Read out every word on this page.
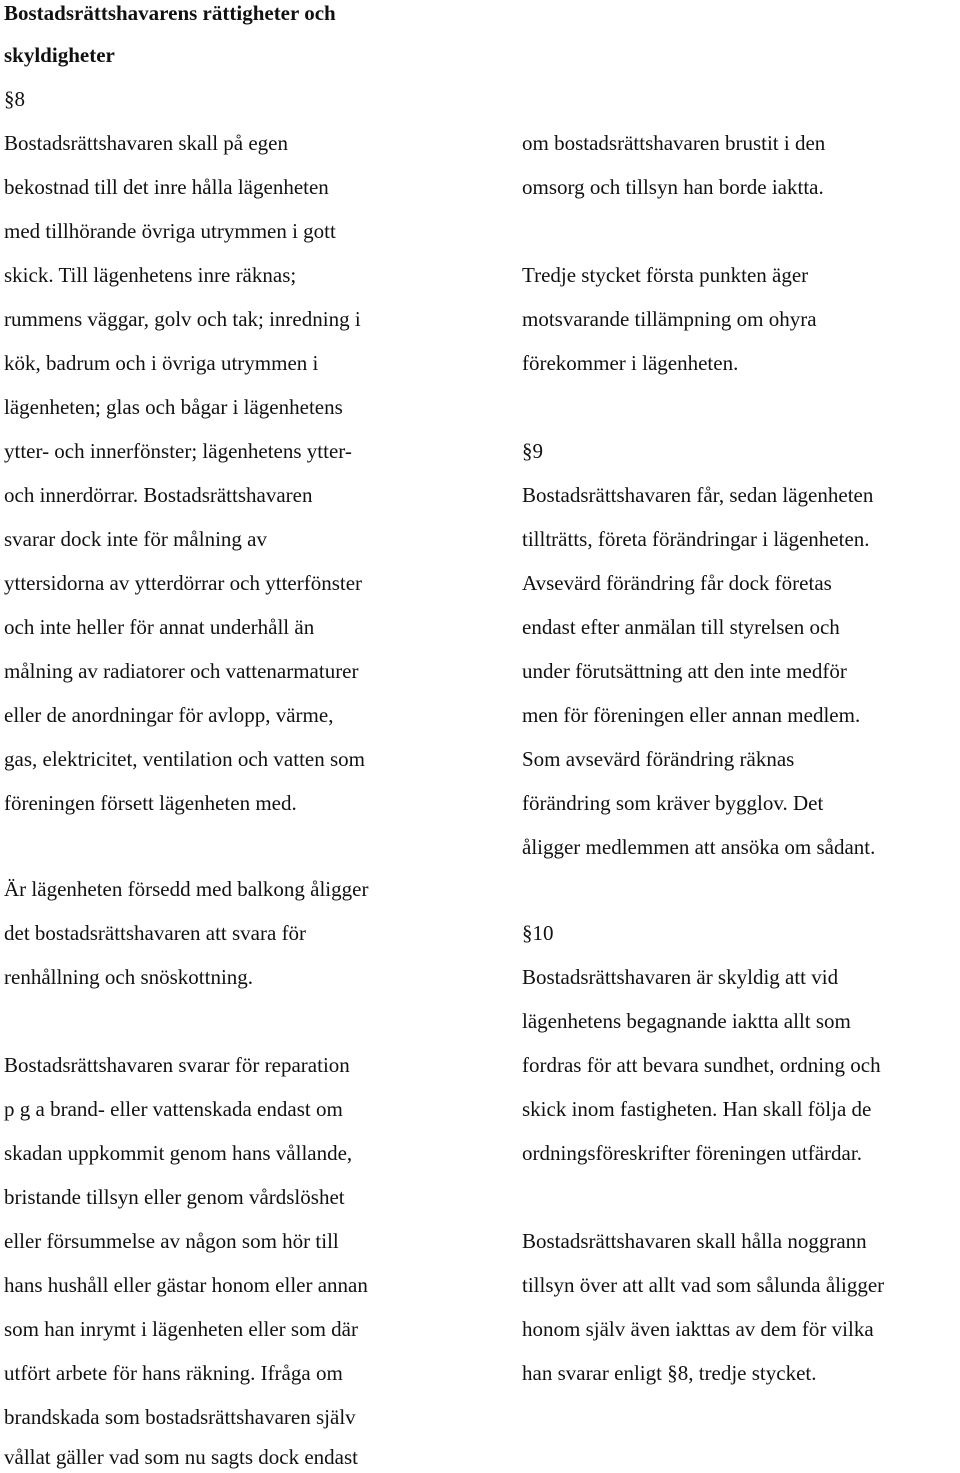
Bostadsrättshavarens rättigheter och
skyldigheter
§8
Bostadsrättshavaren skall på egen
bekostnad till det inre hålla lägenheten
med tillhörande övriga utrymmen i gott
skick. Till lägenhetens inre räknas;
rummens väggar, golv och tak; inredning i
kök, badrum och i övriga utrymmen i
lägenheten; glas och bågar i lägenhetens
ytter- och innerfönster; lägenhetens ytter-
och innerdörrar. Bostadsrättshavaren
svarar dock inte för målning av
yttersidorna av ytterdörrar och ytterfönster
och inte heller för annat underhåll än
målning av radiatorer och vattenarmaturer
eller de anordningar för avlopp, värme,
gas, elektricitet, ventilation och vatten som
föreningen försett lägenheten med.
Är lägenheten försedd med balkong åligger
det bostadsrättshavaren att svara för
renhållning och snöskottning.
Bostadsrättshavaren svarar för reparation
p g a brand- eller vattenskada endast om
skadan uppkommit genom hans vållande,
bristande tillsyn eller genom vårdslöshet
eller försummelse av någon som hör till
hans hushåll eller gästar honom eller annan
som han inrymt i lägenheten eller som där
utfört arbete för hans räkning. Ifråga om
brandskada som bostadsrättshavaren själv
vållat gäller vad som nu sagts dock endast
om bostadsrättshavaren brustit i den
omsorg och tillsyn han borde iaktta.
Tredje stycket första punkten äger
motsvarande tillämpning om ohyra
förekommer i lägenheten.
§9
Bostadsrättshavaren får, sedan lägenheten
tillträtts, företa förändringar i lägenheten.
Avsevärd förändring får dock företas
endast efter anmälan till styrelsen och
under förutsättning att den inte medför
men för föreningen eller annan medlem.
Som avsevärd förändring räknas
förändring som kräver bygglov. Det
åligger medlemmen att ansöka om sådant.
§10
Bostadsrättshavaren är skyldig att vid
lägenhetens begagnande iaktta allt som
fordras för att bevara sundhet, ordning och
skick inom fastigheten. Han skall följa de
ordningsföreskrifter föreningen utfärdar.
Bostadsrättshavaren skall hålla noggrann
tillsyn över att allt vad som sålunda åligger
honom själv även iakttas av dem för vilka
han svarar enligt §8, tredje stycket.
